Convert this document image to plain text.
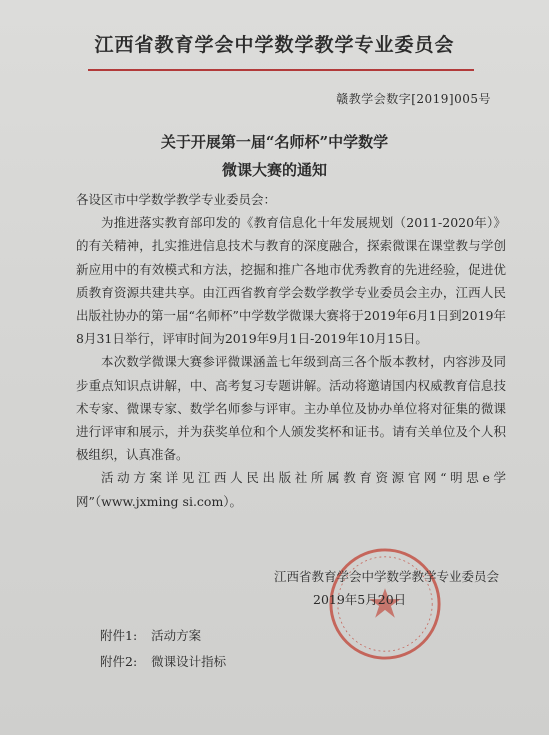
江西省教育学会中学数学教学专业委员会
赣教学会数字[2019]005号
关于开展第一届“名师杯”中学数学
微课大赛的通知

各设区市中学数学教学专业委员会：

为推进落实教育部印发的《教育信息化十年发展规划（2011-2020年）》的有关精神，扎实推进信息技术与教育的深度融合，探索微课在课堂教与学创新应用中的有效模式和方法，挖掘和推广各地市优秀教育的先进经验，促进优质教育资源共建共享。由江西省教育学会数学教学专业委员会主办，江西人民出版社协办的第一届“名师杯”中学数学微课大赛将于2019年6月1日到2019年8月31日举行，评审时间为2019年9月1日-2019年10月15日。

本次数学微课大赛参评微课涵盖七年级到高三各个版本教材，内容涉及同步重点知识点讲解，中、高考复习专题讲解。活动将邀请国内权威教育信息技术专家、微课专家、数学名师参与评审。主办单位及协办单位将对征集的微课进行评审和展示，并为获奖单位和个人颁发奖杯和证书。请有关单位及个人积极组织，认真准备。

活动方案详见江西人民出版社所属教育资源官网“明思e学网”（www.jxming si.com）。

江西省教育学会中学数学教学专业委员会
2019年5月20日
附件1: 活动方案
附件2: 微课设计指标
